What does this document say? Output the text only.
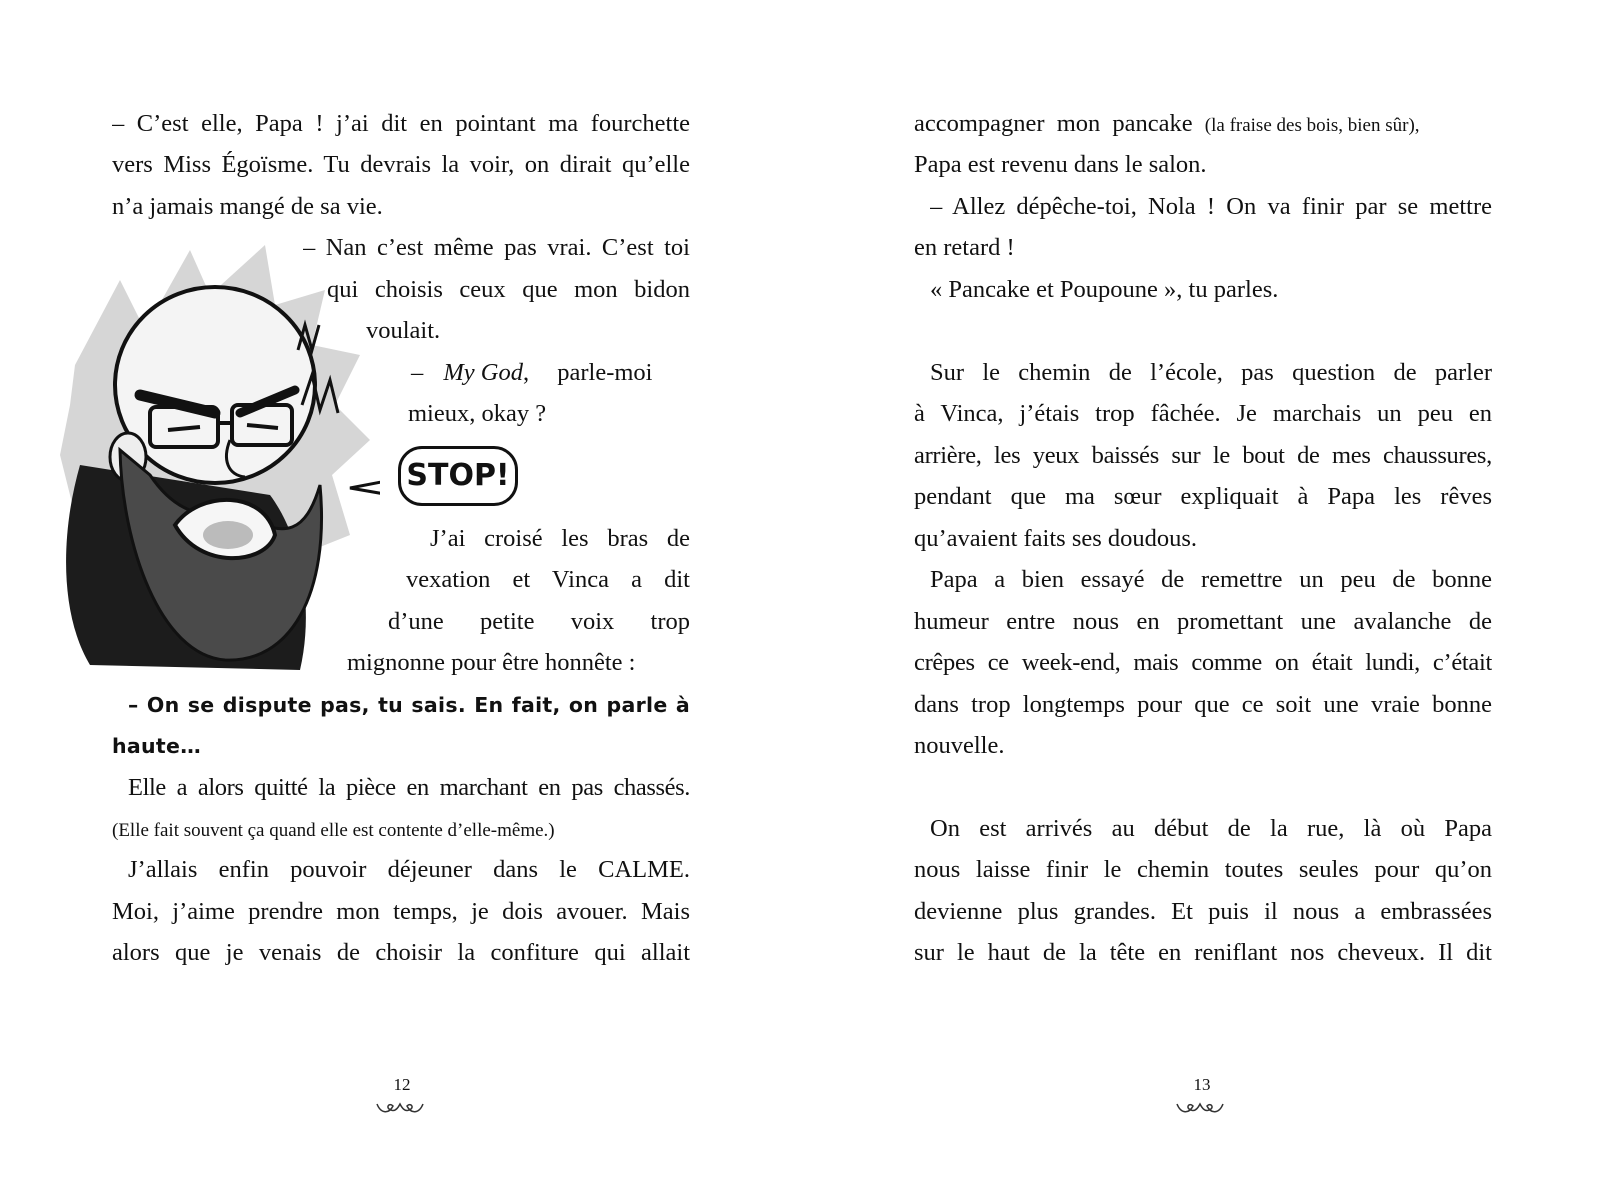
– C’est elle, Papa ! j’ai dit en pointant ma fourchette
vers Miss Égoïsme. Tu devrais la voir, on dirait qu’elle
n’a jamais mangé de sa vie.
STOP!
– Nan c’est même pas vrai. C’est toi
qui choisis ceux que mon bidon
voulait.
– My God, parle-moi
mieux, okay ?
J’ai croisé les bras de
vexation et Vinca a dit
d’une petite voix trop
mignonne pour être honnête :
– On se dispute pas, tu sais. En fait, on parle à
haute…
Elle a alors quitté la pièce en marchant en pas chassés.
(Elle fait souvent ça quand elle est contente d’elle-même.)
J’allais enfin pouvoir déjeuner dans le CALME.
Moi, j’aime prendre mon temps, je dois avouer. Mais
alors que je venais de choisir la confiture qui allait
12
accompagner mon pancake (la fraise des bois, bien sûr),
Papa est revenu dans le salon.
– Allez dépêche-toi, Nola ! On va finir par se mettre
en retard !
« Pancake et Poupoune », tu parles.
Sur le chemin de l’école, pas question de parler
à Vinca, j’étais trop fâchée. Je marchais un peu en
arrière, les yeux baissés sur le bout de mes chaussures,
pendant que ma sœur expliquait à Papa les rêves
qu’avaient faits ses doudous.
Papa a bien essayé de remettre un peu de bonne
humeur entre nous en promettant une avalanche de
crêpes ce week-end, mais comme on était lundi, c’était
dans trop longtemps pour que ce soit une vraie bonne
nouvelle.
On est arrivés au début de la rue, là où Papa
nous laisse finir le chemin toutes seules pour qu’on
devienne plus grandes. Et puis il nous a embrassées
sur le haut de la tête en reniflant nos cheveux. Il dit
13
